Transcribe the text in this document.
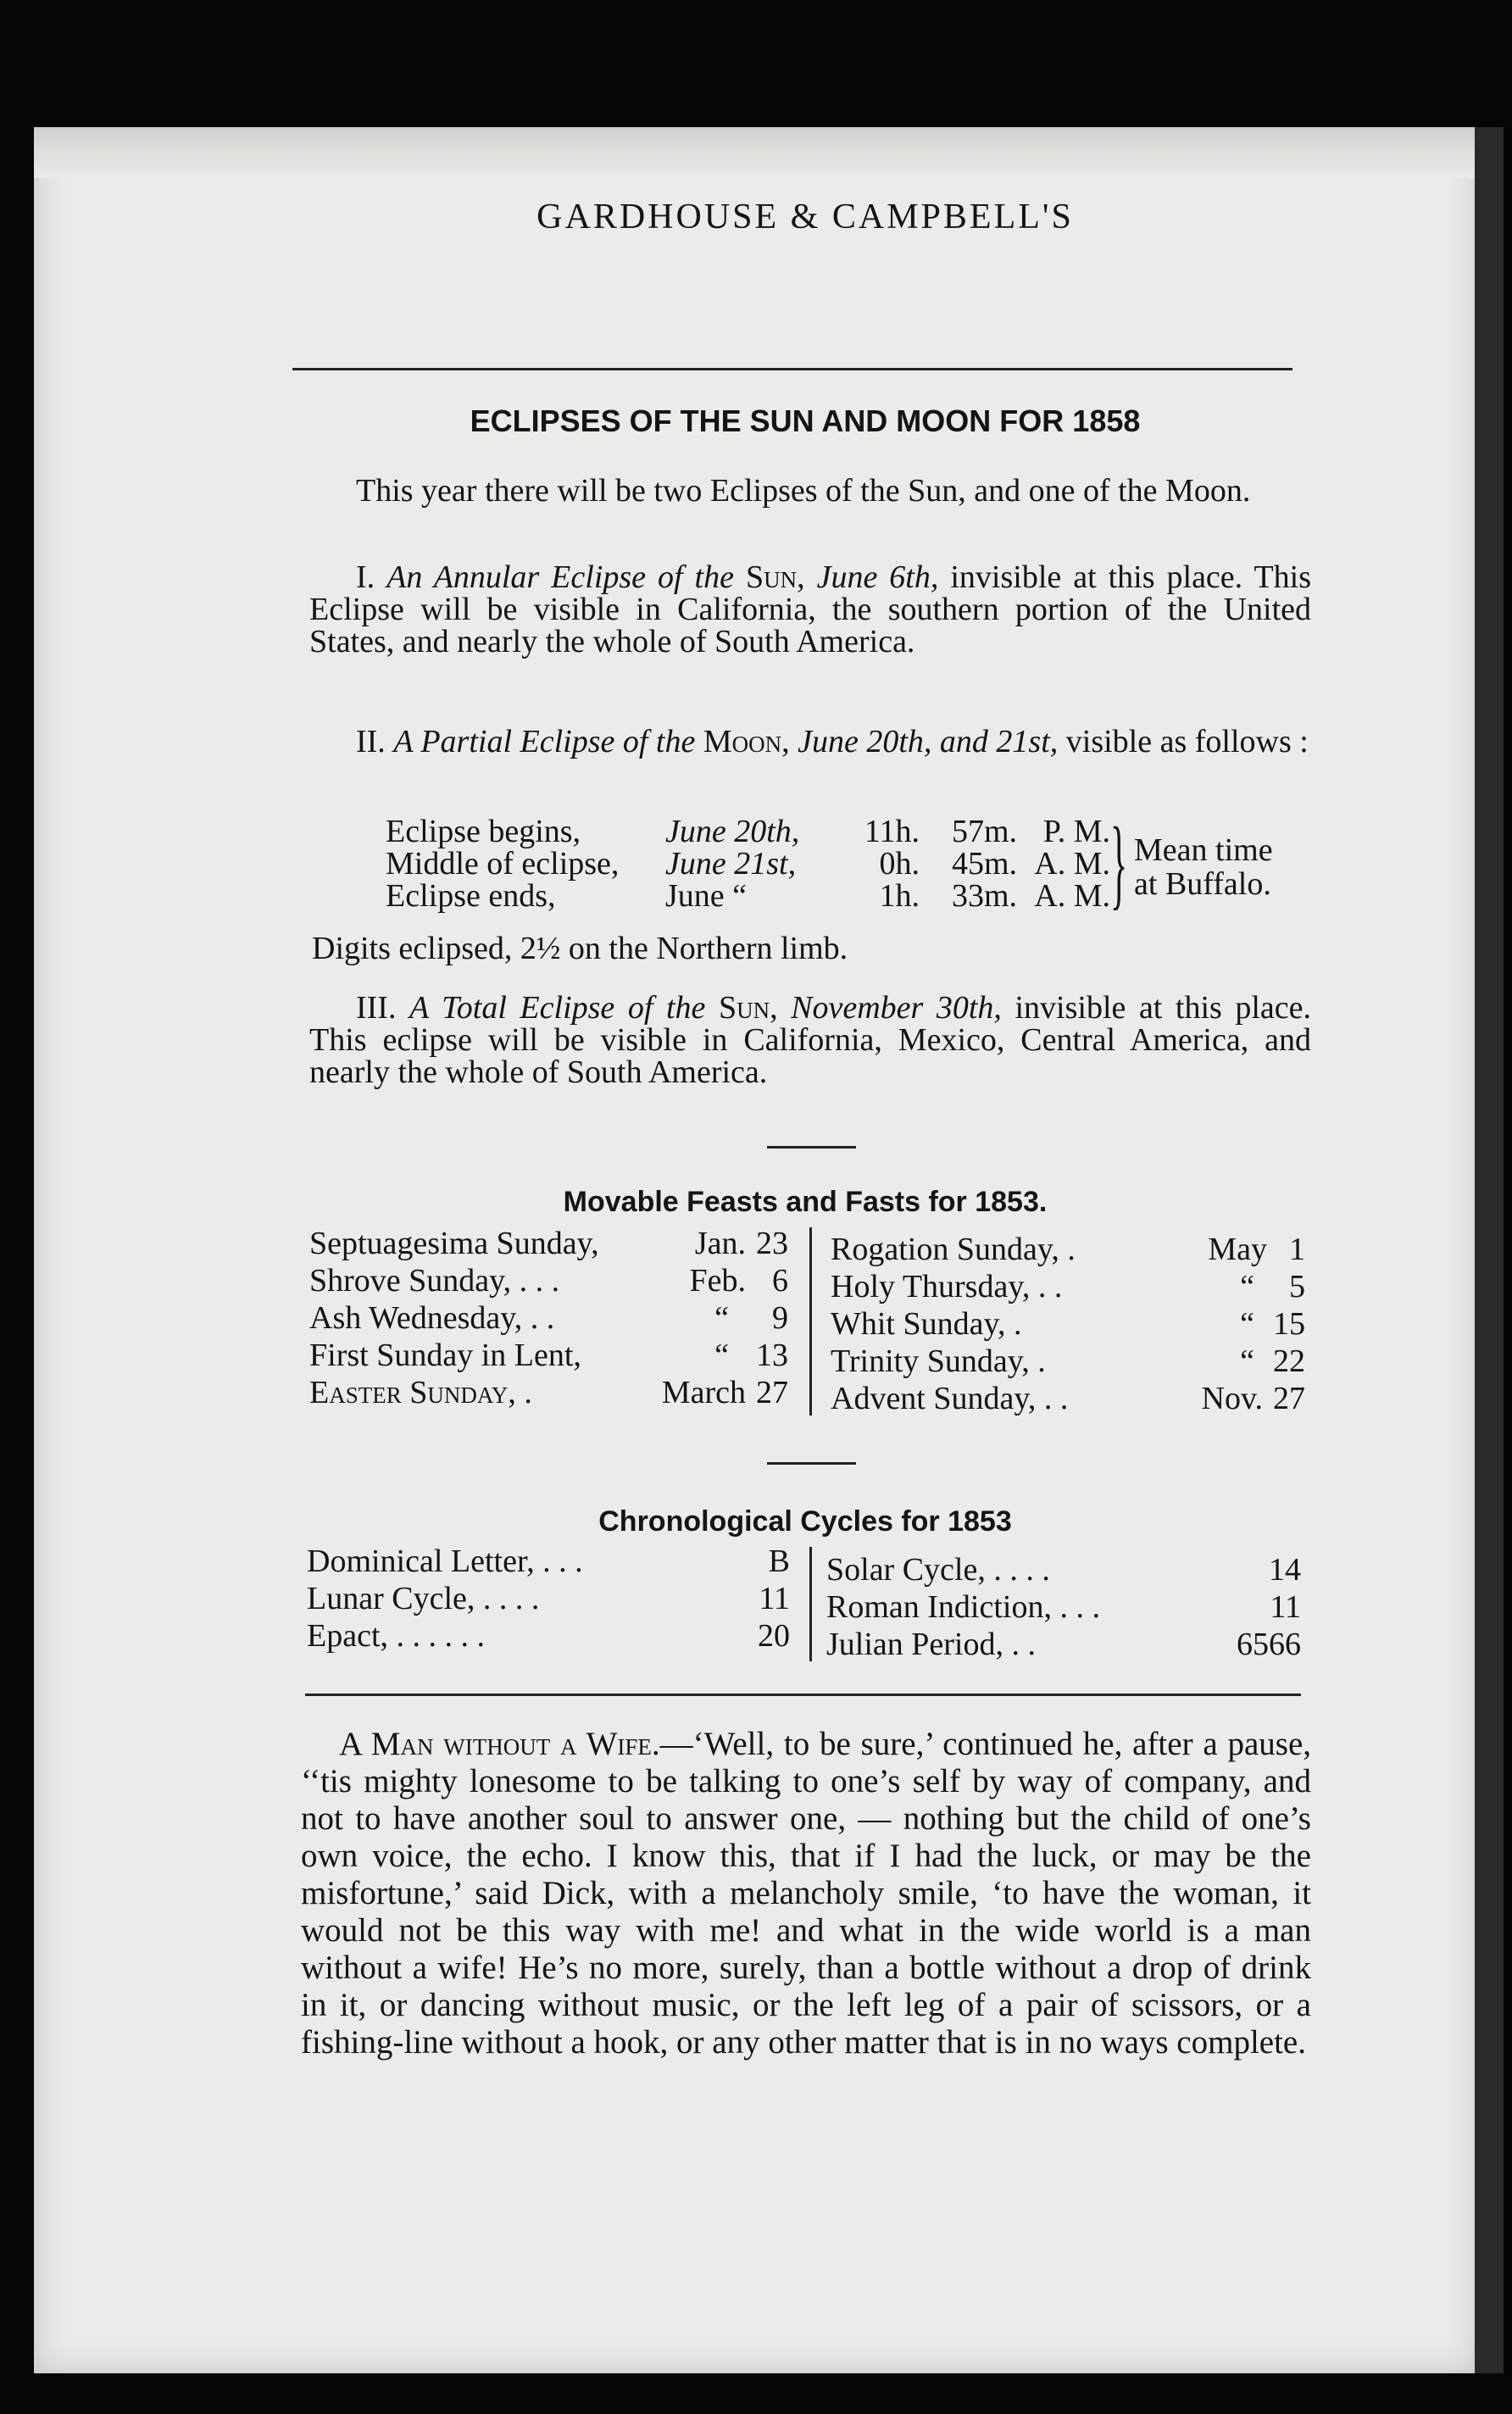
GARDHOUSE & CAMPBELL'S
ECLIPSES OF THE SUN AND MOON FOR 1858
This year there will be two Eclipses of the Sun, and one of the Moon.
I. An Annular Eclipse of the Sun, June 6th, invisible at this place. This Eclipse will be visible in California, the southern portion of the United States, and nearly the whole of South America.
II. A Partial Eclipse of the Moon, June 20th, and 21st, visible as follows :
Eclipse begins,	June 20th, 11h. 57m. P. M.
Middle of eclipse, June 21st,	0h. 45m. A. M.
Eclipse ends,	June “	1h. 33m. A. M. } Mean time
at Buffalo.
Digits eclipsed, 2½ on the Northern limb.
III. A Total Eclipse of the Sun, November 30th, invisible at this place. This eclipse will be visible in California, Mexico, Central America, and nearly the whole of South America.
Movable Feasts and Fasts for 1853.
Septuagesima Sunday,	Jan. 23
Shrove Sunday, . . .	Feb. 6
Ash Wednesday, . .	“ 9
First Sunday in Lent,	“ 13
Easter Sunday, .	March 27
Rogation Sunday, .	May 1
Holy Thursday, . .	“ 5
Whit Sunday, .	“ 15
Trinity Sunday, .	“ 22
Advent Sunday, . .	Nov. 27
Chronological Cycles for 1853
Dominical Letter, . . .	B
Lunar Cycle, . . . .	11
Epact, . . . . . .	20
Solar Cycle, . . . .	14
Roman Indiction, . . .	11
Julian Period, . .	6566
A Man without a Wife.—‘Well, to be sure,’ continued he, after a pause, ‘‘tis mighty lonesome to be talking to one’s self by way of company, and not to have another soul to answer one, — nothing but the child of one’s own voice, the echo. I know this, that if I had the luck, or may be the misfortune,’ said Dick, with a melancholy smile, ‘to have the woman, it would not be this way with me! and what in the wide world is a man without a wife! He’s no more, surely, than a bottle without a drop of drink in it, or dancing without music, or the left leg of a pair of scissors, or a fishing-line without a hook, or any other matter that is in no ways complete.
